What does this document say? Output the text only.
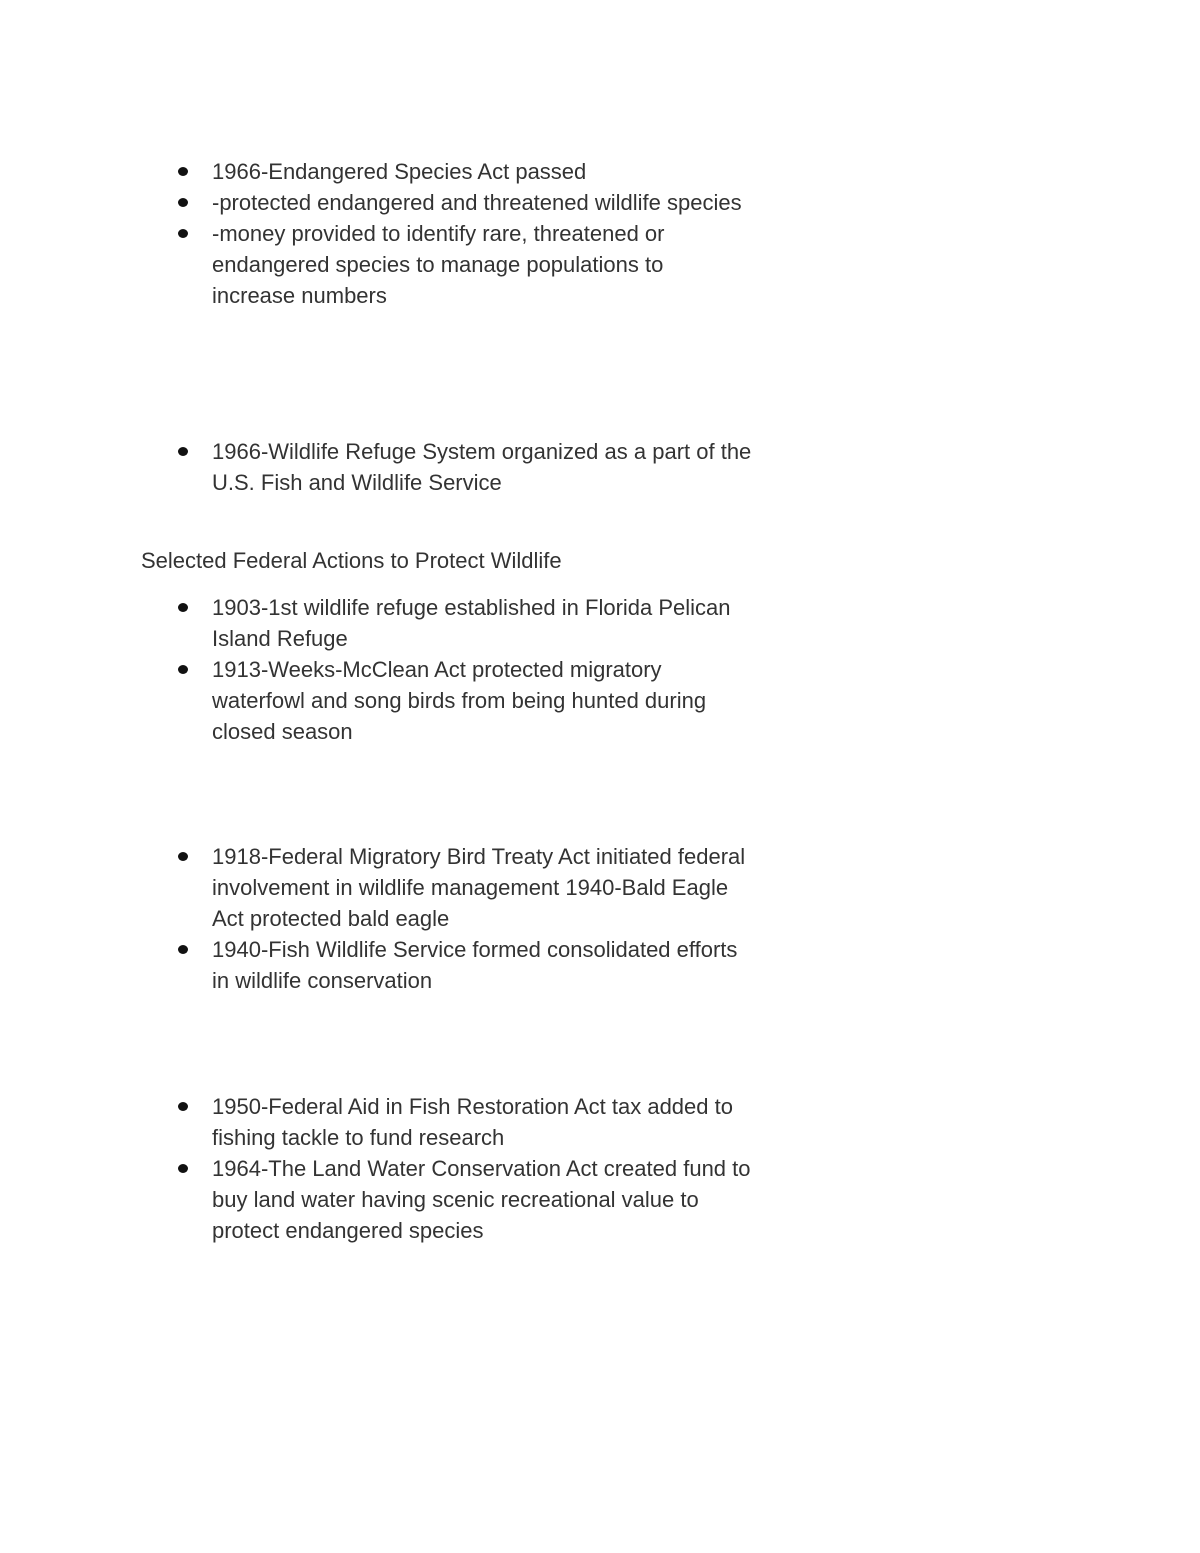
1966-Endangered Species Act passed
-protected endangered and threatened wildlife species
-money provided to identify rare, threatened or endangered species to manage populations to increase numbers
1966-Wildlife Refuge System organized as a part of the U.S. Fish and Wildlife Service

Selected Federal Actions to Protect Wildlife

1903-1st wildlife refuge established in Florida Pelican Island Refuge
1913-Weeks-McClean Act protected migratory waterfowl and song birds from being hunted during closed season
1918-Federal Migratory Bird Treaty Act initiated federal involvement in wildlife management 1940-Bald Eagle Act protected bald eagle
1940-Fish Wildlife Service formed consolidated efforts in wildlife conservation
1950-Federal Aid in Fish Restoration Act tax added to fishing tackle to fund research
1964-The Land Water Conservation Act created fund to buy land water having scenic recreational value to protect endangered species
